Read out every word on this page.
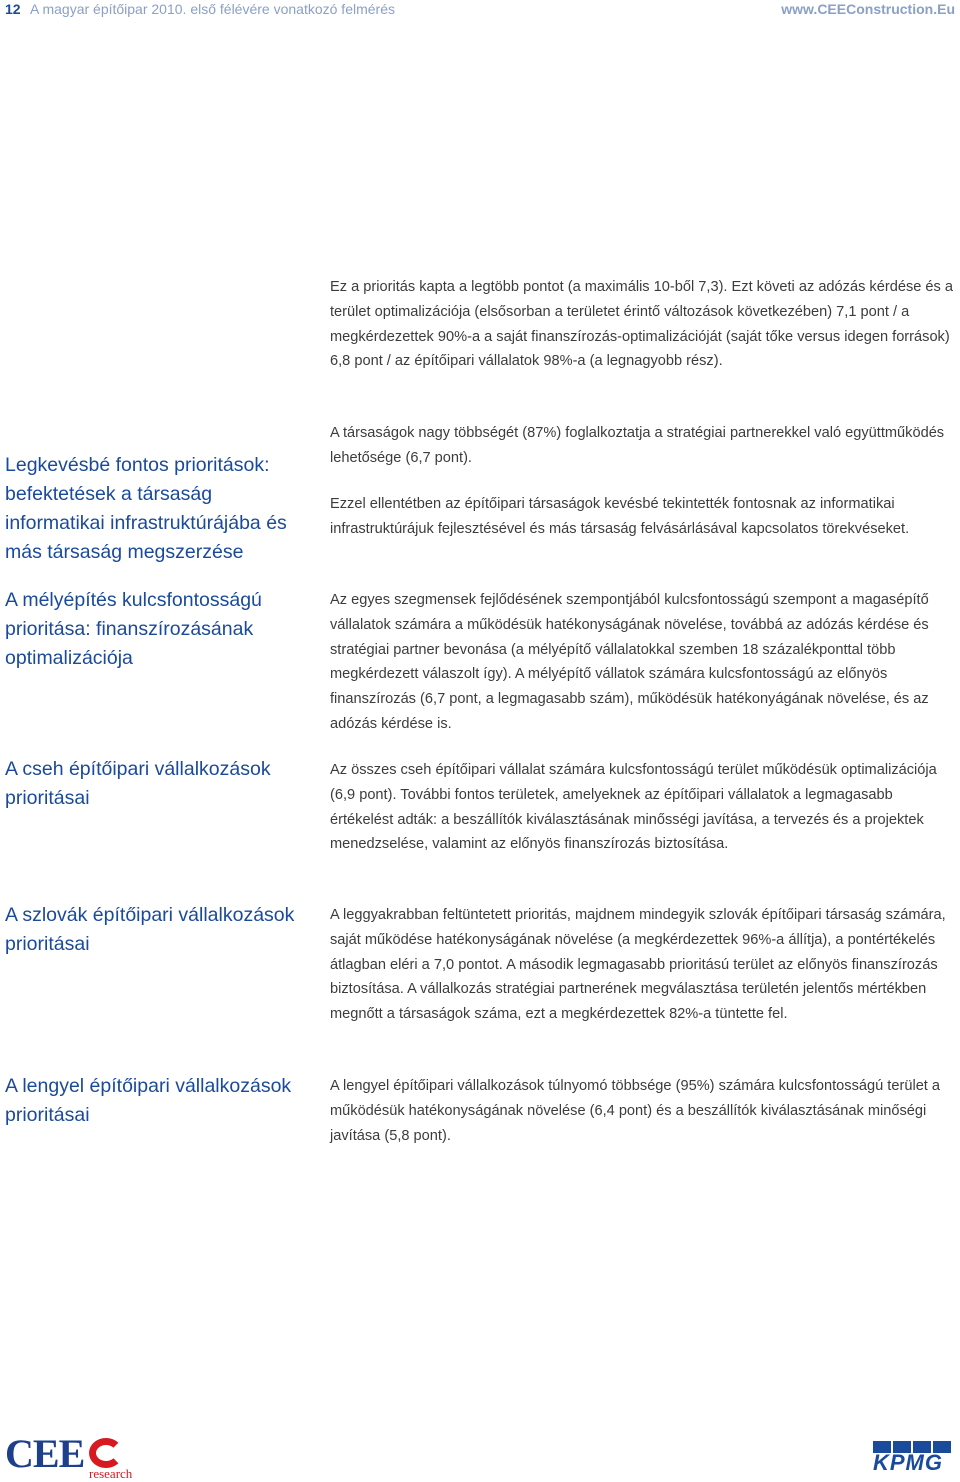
12 A magyar építőipar 2010. első félévére vonatkozó felmérés	www.CEEConstruction.Eu
Legkevésbé fontos prioritások: befektetések a társaság informatikai infrastruktúrájába és más társaság megszerzése
A mélyépítés kulcsfontosságú prioritása: finanszírozásának optimalizációja
A cseh építőipari vállalkozások prioritásai
A szlovák építőipari vállalkozások prioritásai
A lengyel építőipari vállalkozások prioritásai

Ez a prioritás kapta a legtöbb pontot (a maximális 10-ből 7,3). Ezt követi az adózás kérdése és a terület optimalizációja (elsősorban a területet érintő változások következében) 7,1 pont / a megkérdezettek 90%-a a saját finanszírozás-optimalizációját (saját tőke versus idegen források) 6,8 pont / az építőipari vállalatok 98%-a (a legnagyobb rész).

A társaságok nagy többségét (87%) foglalkoztatja a stratégiai partnerekkel való együttműködés lehetősége (6,7 pont).

Ezzel ellentétben az építőipari társaságok kevésbé tekintették fontosnak az informatikai infrastruktúrájuk fejlesztésével és más társaság felvásárlásával kapcsolatos törekvéseket.

Az egyes szegmensek fejlődésének szempontjából kulcsfontosságú szempont a magasépítő vállalatok számára a működésük hatékonyságának növelése, továbbá az adózás kérdése és stratégiai partner bevonása (a mélyépítő vállalatokkal szemben 18 százalékponttal több megkérdezett válaszolt így). A mélyépítő vállatok számára kulcsfontosságú az előnyös finanszírozás (6,7 pont, a legmagasabb szám), működésük hatékonyágának növelése, és az adózás kérdése is.

Az összes cseh építőipari vállalat számára kulcsfontosságú terület működésük optimalizációja (6,9 pont). További fontos területek, amelyeknek az építőipari vállalatok a legmagasabb értékelést adták: a beszállítók kiválasztásának minősségi javítása, a tervezés és a projektek menedzselése, valamint az előnyös finanszírozás biztosítása.

A leggyakrabban feltüntetett prioritás, majdnem mindegyik szlovák építőipari társaság számára, saját működése hatékonyságának növelése (a megkérdezettek 96%-a állítja), a pontértékelés átlagban eléri a 7,0 pontot. A második legmagasabb prioritású terület az előnyös finanszírozás biztosítása. A vállalkozás stratégiai partnerének megválasztása területén jelentős mértékben megnőtt a társaságok száma, ezt a megkérdezettek 82%-a tüntette fel.

A lengyel építőipari vállalkozások túlnyomó többsége (95%) számára kulcsfontosságú terület a működésük hatékonyságának növelése (6,4 pont) és a beszállítók kiválasztásának minőségi javítása (5,8 pont).

CEE research	KPMG
